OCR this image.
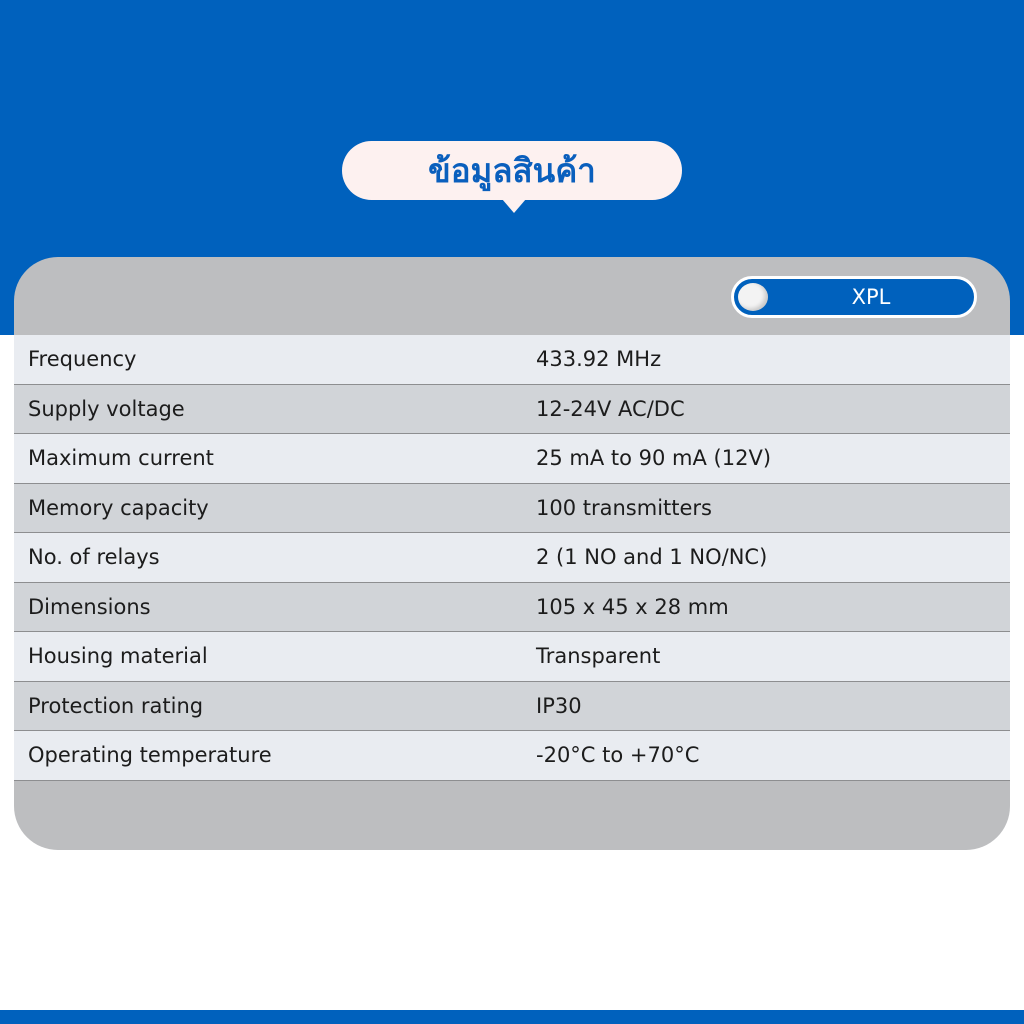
ข้อมูลสินค้า
XPL
Frequency	433.92 MHz
Supply voltage	12-24V AC/DC
Maximum current	25 mA to 90 mA (12V)
Memory capacity	100 transmitters
No. of relays	2 (1 NO and 1 NO/NC)
Dimensions	105 x 45 x 28 mm
Housing material	Transparent
Protection rating	IP30
Operating temperature	-20°C to +70°C
